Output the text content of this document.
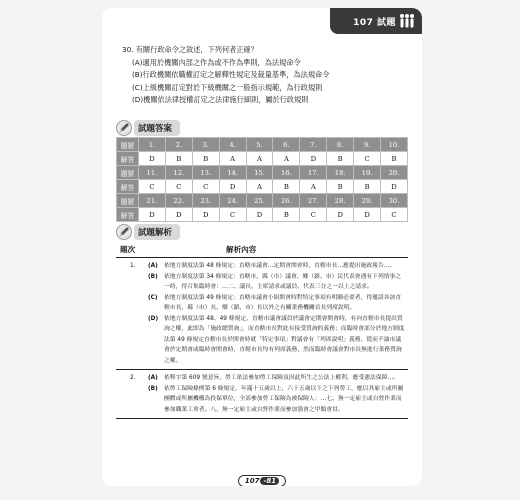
107 試題
30. 有關行政命令之敘述，下列何者正確？
(A)適用於機關內部之作為或不作為準則，為法規命令
(B)行政機關依職權訂定之解釋性規定及裁量基準，為法規命令
(C)上級機關訂定對於下級機關之一般指示規範，為行政規則
(D)機關依法律授權訂定之法律施行細則，屬於行政規則
試題答案
題號	1.	2.	3.	4.	5.	6.	7.	8.	9.	10.
解答	D	B	B	A	A	A	D	B	C	B
題號	11.	12.	13.	14.	15.	16.	17.	18.	19.	20.
解答	C	C	C	D	A	B	A	B	B	D
題號	21.	22.	23.	24.	25.	26.	27.	28.	29.	30.
解答	D	D	D	C	D	B	C	D	D	C
試題解析
題次	解析內容
1. (A)	依地方制度法第 48 條規定：直轄市議會…定期會開會時，直轄市長…應提出施政報告…。
(B)	依地方制度法第 34 條規定：直轄市、縣（市）議會、鄉（鎮、市）民代表會遇有下列情事之一時，得召集臨時會：…二、議長、主席請求或議員、代表三分之一以上之請求。
(C)	依地方制度法第 49 條規定：直轄市議會小組開會時對特定事項有明瞭必要者，得邀請各該直轄市長、縣（市）長、鄉（鎮、市）長以外之有關業務機關首長列席說明。
(D)	依地方制度法第 48、49 條規定，直轄市議會議員於議會定期會開會時，有向直轄市長提出質詢之權，此即為「施政總質詢」，而直轄市長對此有接受質詢的義務；而臨時會部分於地方制度法第 49 條規定直轄市長於開會時就「特定事項」對議會有「列席說明」義務，從而不論市議會於定期會或臨時會開會時，直轄市長均有列席義務，然而臨時會議會對市長無進行業務質詢之權。
2. (A)	依釋字第 609 號意旨，勞工依法參加勞工保險及因此所生之公法上權利，應受憲法保障…。
(B)	依勞工保險條例第 6 條規定，年滿十五歲以上，六十五歲以下之下列勞工，應以其雇主或所屬團體或所屬機構為投保單位，全部參加勞工保險為被保險人：…七、無一定雇主或自營作業而參加職業工會者。八、無一定雇主或自營作業而參加漁會之甲類會員。
107 -81
